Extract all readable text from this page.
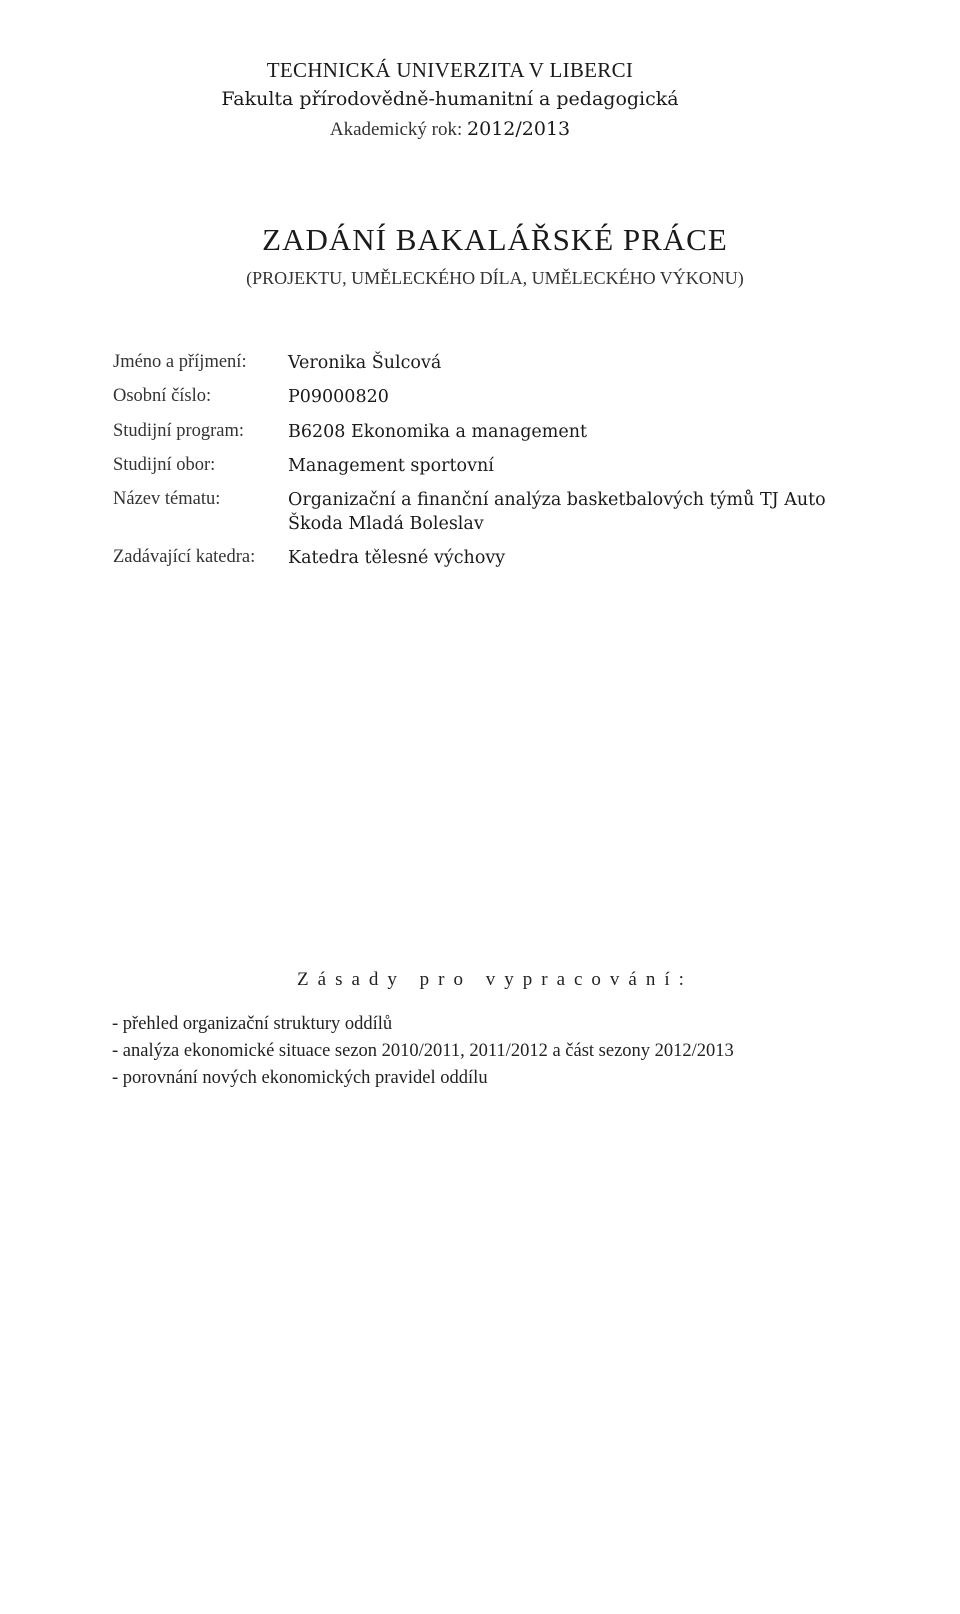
TECHNICKÁ UNIVERZITA V LIBERCI
Fakulta přírodovědně-humanitní a pedagogická
Akademický rok: 2012/2013
ZADÁNÍ BAKALÁŘSKÉ PRÁCE
(PROJEKTU, UMĚLECKÉHO DÍLA, UMĚLECKÉHO VÝKONU)
Jméno a příjmení: Veronika Šulcová
Osobní číslo:	P09000820
Studijní program:	B6208 Ekonomika a management
Studijní obor:	Management sportovní
Název tématu:	Organizační a finanční analýza basketbalových týmů TJ Auto
Škoda Mladá Boleslav
Zadávající katedra: Katedra tělesné výchovy
Zásady pro vypracování:
- přehled organizační struktury oddílů
- analýza ekonomické situace sezon 2010/2011, 2011/2012 a část sezony 2012/2013
- porovnání nových ekonomických pravidel oddílu
